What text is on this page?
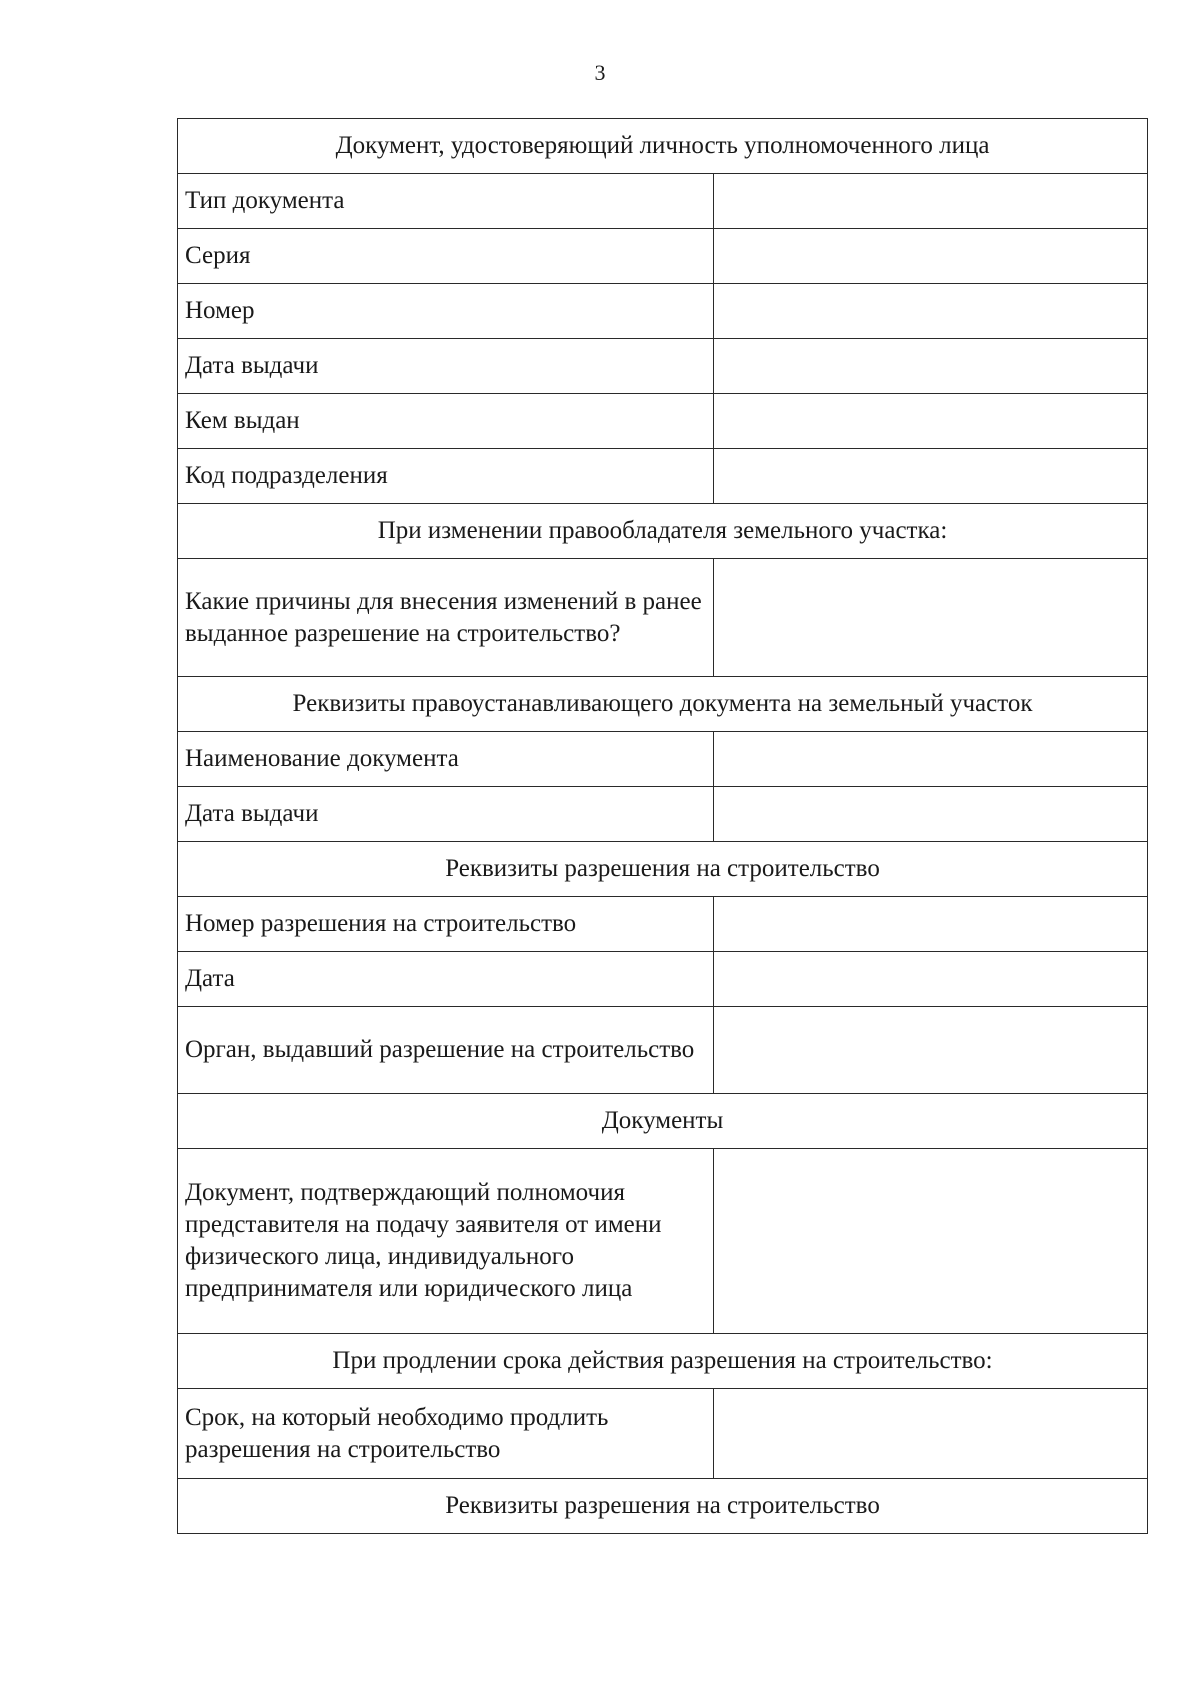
3
Документ, удостоверяющий личность уполномоченного лица	
Тип документа	
Серия	
Номер	
Дата выдачи	
Кем выдан	
Код подразделения	
При изменении правообладателя земельного участка:	
Какие причины для внесения изменений в ранее выданное разрешение на строительство?	
Реквизиты правоустанавливающего документа на земельный участок	
Наименование документа	
Дата выдачи	
Реквизиты разрешения на строительство	
Номер разрешения на строительство	
Дата	
Орган, выдавший разрешение на строительство	
Документы	
Документ, подтверждающий полномочия представителя на подачу заявителя от имени физического лица, индивидуального предпринимателя или юридического лица	
При продлении срока действия разрешения на строительство:	
Срок, на который необходимо продлить разрешения на строительство	
Реквизиты разрешения на строительство	
